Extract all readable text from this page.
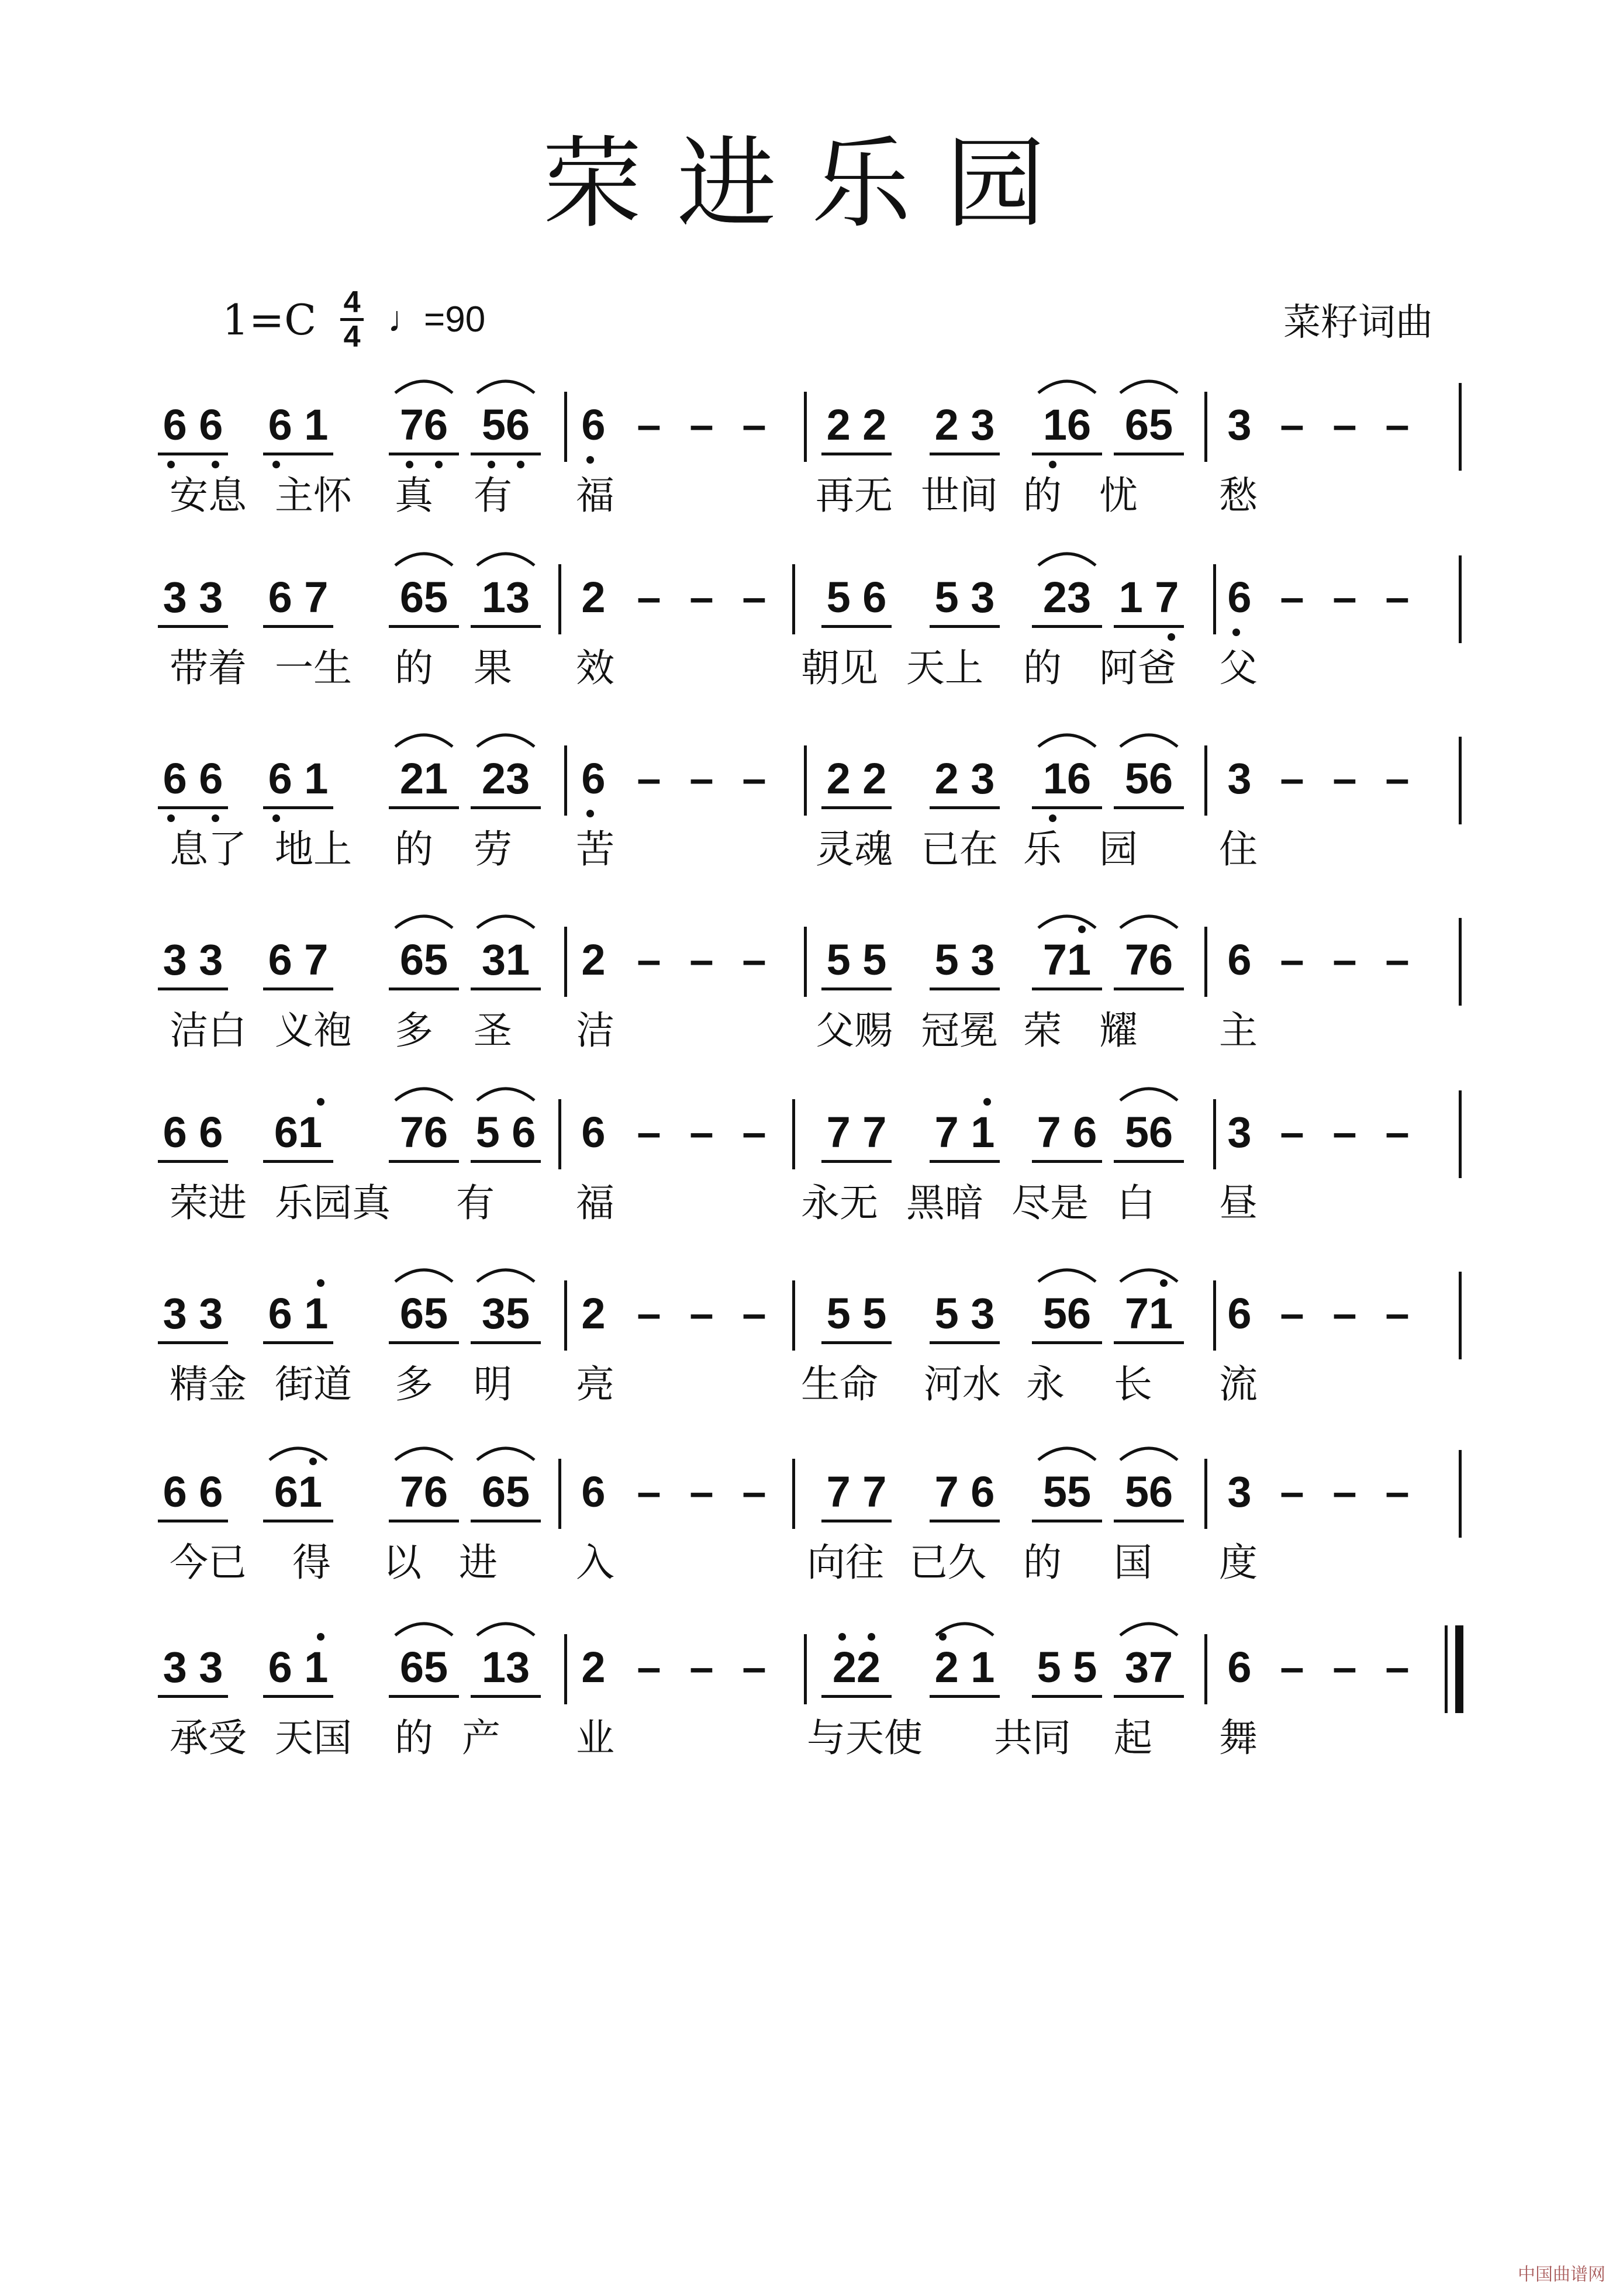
荣进乐园
1=C 4
4 ♩=90	菜籽词曲
6 6	6 1	76 56	6 – – –	2 2	2 3	16 65	3 – – –
安息 主怀 真 有 福	再无 世间 的 忧 愁
3 3	6 7	65 13	2 – – –	5 6	5 3	23 1 7	6 – – –
带着 一生 的 果 效	朝见 天上 的 阿爸 父
6 6	6 1	21 23	6 – – –	2 2	2 3	16 56	3 – – –
息了 地上 的 劳 苦	灵魂 已在 乐 园 住
3 3	6 7	65 31	2 – – –	5 5	5 3	71 76	6 – – –
洁白 义袍 多 圣 洁	父赐 冠冕 荣 耀 主
6 6	61	76 5 6	6 – – –	7 7	7 1 7 6 56	3 – – –
荣进 乐园真 有 福	永无 黑暗 尽是 白 昼
3 3	6 1	65 35	2 – – –	5 5	5 3	56 71	6 – – –
精金 街道 多 明 亮	生命 河水 永 长 流
6 6	61	76 65	6 – – –	7 7	7 6	55 56	3 – – –
今已 得 以 进 入	向往 已久 的 国 度
3 3	6 1	65 13	2 – – –	22	2 1 5 5 37	6 – – –
承受 天国 的 产 业	与天使 共同 起 舞
中国曲谱网
